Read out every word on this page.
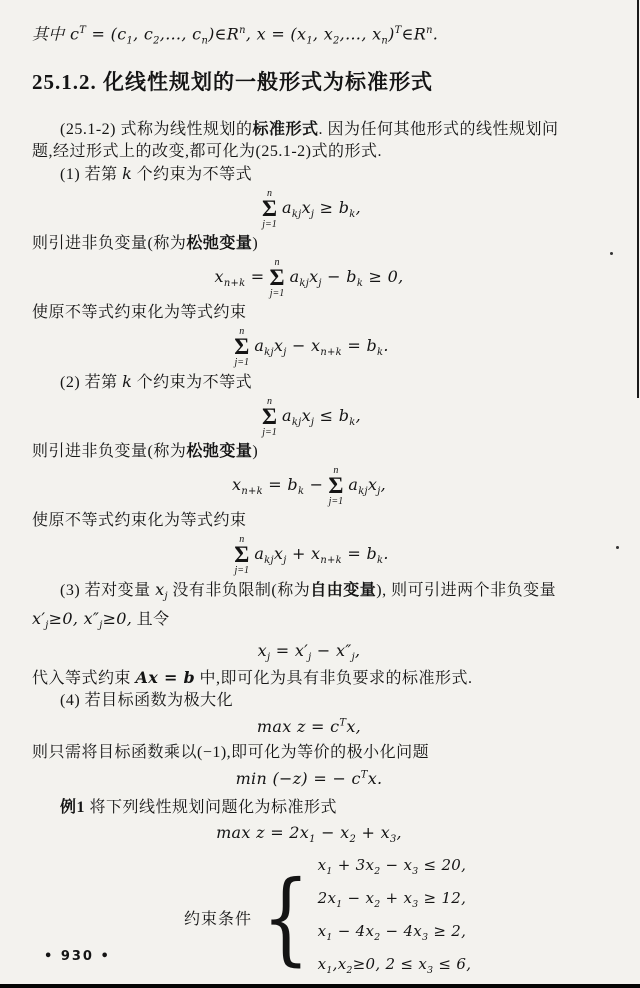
其中 $c^T = (c_1$, $c_2,\dots$, $c_n)\in R^n$, $x = (x_1$, $x_2,\dots$, $x_n)^T\in R^n$.
25.1.2. 化线性规划的一般形式为标准形式
(25.1-2) 式称为线性规划的标准形式. 因为任何其他形式的线性规划问
题,经过形式上的改变,都可化为(25.1-2)式的形式.
(1) 若第 k 个约束为不等式
n
Σ
j=1
$a_{kj}x_j \ge b_k$,
则引进非负变量(称为松弛变量)
$x_{n+k}$ =
n
Σ
j=1
$a_{kj}x_j - b_k \ge 0$,
使原不等式约束化为等式约束
n
Σ
j=1
$a_{kj}x_j - x_{n+k} = b_k$.
(2) 若第 k 个约束为不等式
n
Σ
j=1
$a_{kj}x_j \le b_k$,
则引进非负变量(称为松弛变量)
$x_{n+k} = b_k$ −
n
Σ
j=1
$a_{kj}x_j$,
使原不等式约束化为等式约束
n
Σ
j=1
$a_{kj}x_j + x_{n+k} = b_k$.
(3) 若对变量 $x_j$ 没有非负限制(称为自由变量), 则可引进两个非负变量
$x'_j\ge 0$, $x''_j\ge 0$, 且令
$x_j = x'_j - x''_j$,
代入等式约束 Ax = b 中,即可化为具有非负要求的标准形式.
(4) 若目标函数为极大化
$\max z = c^Tx$,
则只需将目标函数乘以(−1),即可化为等价的极小化问题
min (−z) = − $c^Tx$.
例1 将下列线性规划问题化为标准形式
$\max z = 2x_1 - x_2 + x_3$,
约束条件 { $x_1 + 3x_2 - x_3 \le 20$,
$2x_1 - x_2 + x_3 \ge 12$,
$x_1 - 4x_2 - 4x_3 \ge 2$,
$x_1,x_2\ge 0$, $2 \le x_3 \le 6$,
• 930 •
